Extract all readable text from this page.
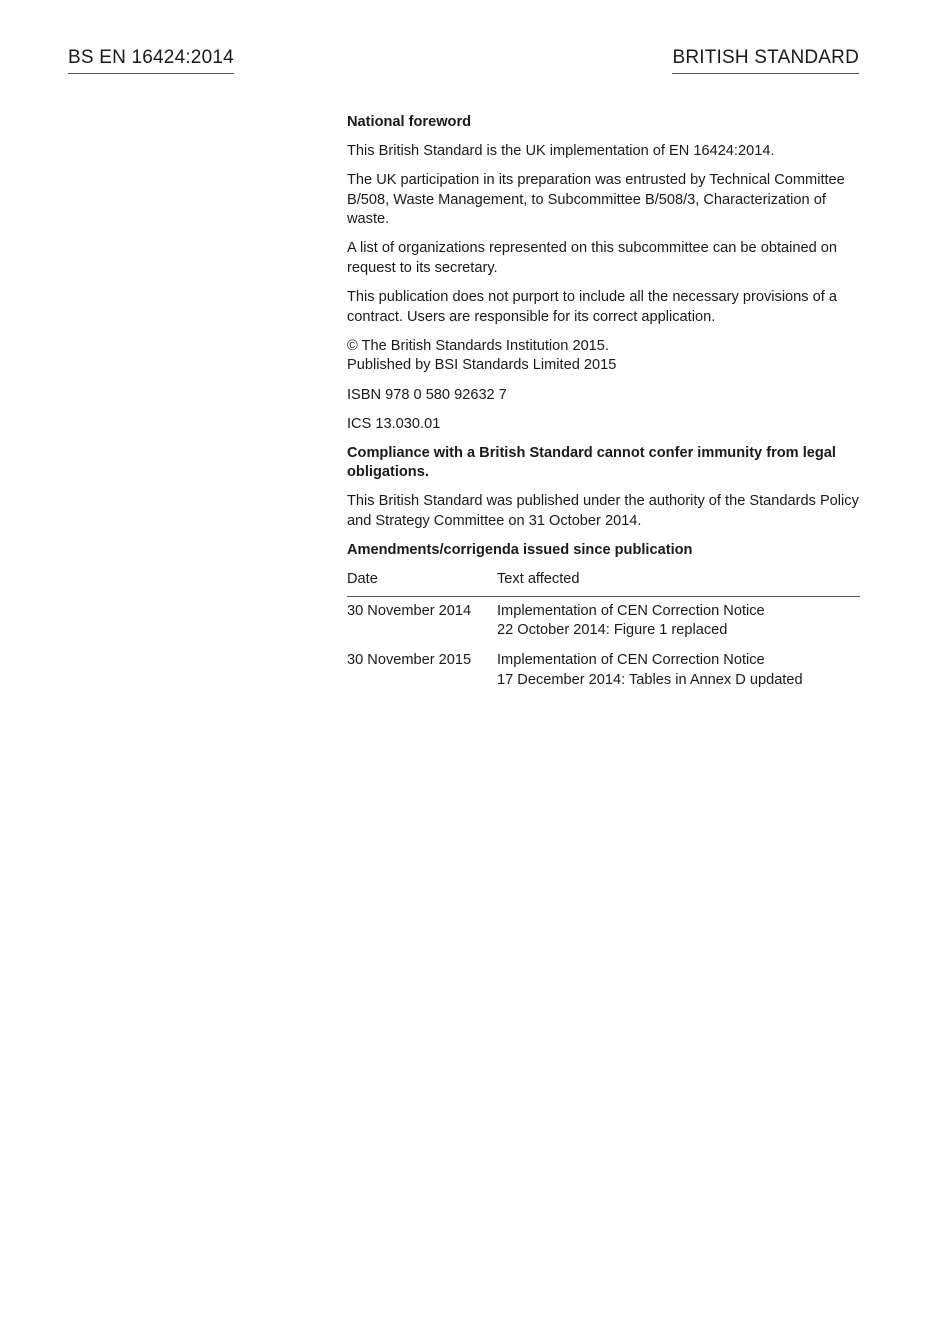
BS EN 16424:2014	BRITISH STANDARD

National foreword

This British Standard is the UK implementation of EN 16424:2014.

The UK participation in its preparation was entrusted by Technical Committee B/508, Waste Management, to Subcommittee B/508/3, Characterization of waste.

A list of organizations represented on this subcommittee can be obtained on request to its secretary.

This publication does not purport to include all the necessary provisions of a contract. Users are responsible for its correct application.

© The British Standards Institution 2015.
Published by BSI Standards Limited 2015

ISBN 978 0 580 92632 7

ICS 13.030.01

Compliance with a British Standard cannot confer immunity from legal obligations.

This British Standard was published under the authority of the Standards Policy and Strategy Committee on 31 October 2014.

Amendments/corrigenda issued since publication

Date	Text affected
30 November 2014	Implementation of CEN Correction Notice
22 October 2014: Figure 1 replaced
30 November 2015	Implementation of CEN Correction Notice
17 December 2014: Tables in Annex D updated
